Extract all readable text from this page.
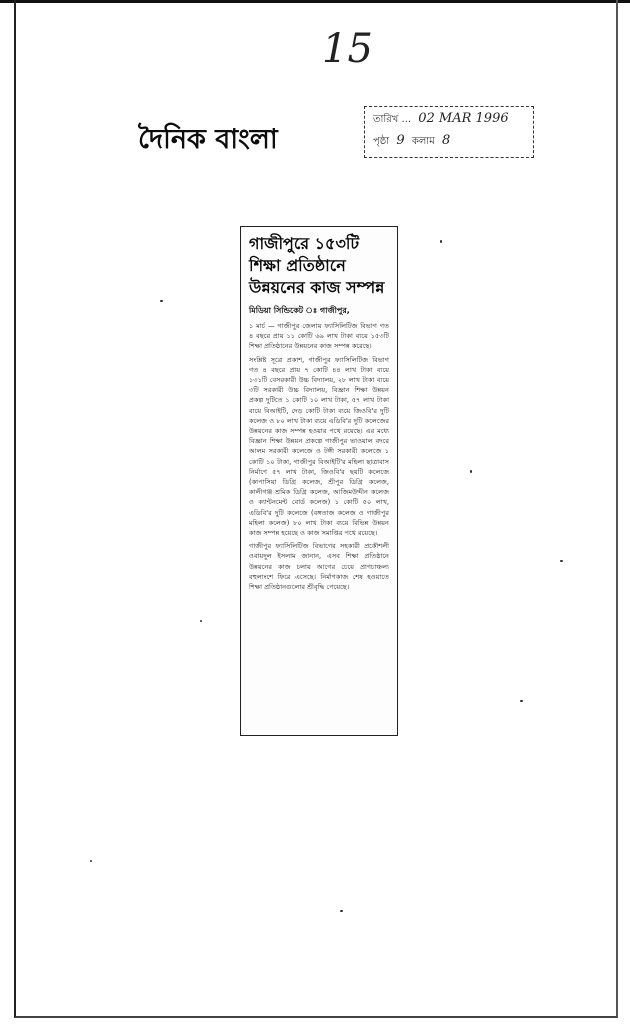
15
দৈনিক বাংলা
তারিখ ... 02 MAR 1996
পৃষ্ঠা 9 কলাম 8
গাজীপুরে ১৫৩টি শিক্ষা প্রতিষ্ঠানে উন্নয়নের কাজ সম্পন্ন
মিডিয়া সিন্ডিকেট ঃ গাজীপুর,

১ মার্চ — গাজীপুর জেলায় ফ্যাসিলিটিজ বিভাগ গত ৪ বছরে প্রায় ১১ কোটি ৬৯ লাখ টাকা ব্যয়ে ১৫৩টি শিক্ষা প্রতিষ্ঠানের উন্নয়নের কাজ সম্পন্ন করেছে।

সংশ্লিষ্ট সূত্রে প্রকাশ, গাজীপুর ফ্যাসিলিটিজ বিভাগ গত ৪ বছরে প্রায় ৭ কোটি ৪৪ লাখ টাকা ব্যয়ে ১৩১টি বেসরকারী উচ্চ বিদ্যালয়, ২৮ লাখ টাকা ব্যয়ে ৩টি সরকারী উচ্চ বিদ্যালয়, বিজ্ঞান শিক্ষা উন্নয়ন প্রকল্প দুটিতে ১ কোটি ১০ লাখ টাকা, ৫৭ লাখ টাকা ব্যয়ে বিআইটি, দেড় কোটি টাকা ব্যয়ে জিওবি'র দুটি কলেজ ও ৮০ লাখ টাকা ব্যয়ে এডিবি'র দুটি কলেজের উন্নয়নের কাজ সম্পন্ন হওয়ার পথে রয়েছে। এর মধ্যে বিজ্ঞান শিক্ষা উন্নয়ন প্রকল্পে গাজীপুর ভাওয়াল বদরে আলম সরকারী কলেজে ও টঙ্গী সরকারী কলেজে ১ কোটি ১০ টাকা, গাজীপুর বিআইটি'র মহিলা ছাত্রাবাস নির্মাণে ৫৭ লাখ টাকা, জিওবি'র ছয়টি কলেজে (কাপাসিয়া ডিগ্রি কলেজ, শ্রীপুর ডিগ্রি কলেজ, কালীগঞ্জ শ্রমিক ডিগ্রি কলেজ, আজিমউদ্দীন কলেজ ও ক্যান্টনমেন্ট বোর্ড কলেজ) ১ কোটি ৫০ লাখ, এডিবি'র দুটি কলেজে (বঙ্গতাজ কলেজ ও গাজীপুর মহিলা কলেজ) ৮০ লাখ টাকা ব্যয়ে বিভিন্ন উন্নয়ন কাজ সম্পন্ন হয়েছে ও কাজ সমাপ্তির পথে রয়েছে।

গাজীপুর ফ্যাসিলিটিজ বিভাগের সহকারী প্রকৌশলী ওবায়দুল ইসলাম জানান, এসব শিক্ষা প্রতিষ্ঠানে উন্নয়নের কাজ চলায় আগের চেয়ে প্রাণচাঞ্চল্য বহুলাংশে ফিরে এসেছে। নির্মাণকাজ শেষ হওয়াতে শিক্ষা প্রতিষ্ঠানগুলোর শ্রীবৃদ্ধি পেয়েছে।
